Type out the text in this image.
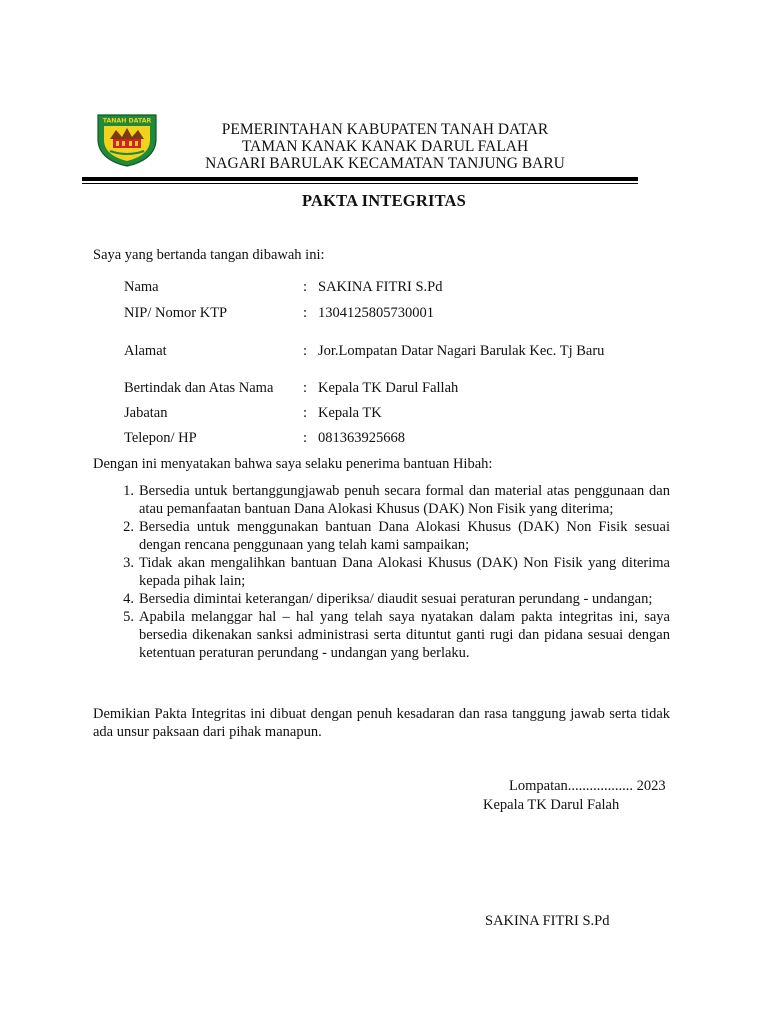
TANAH DATAR	PEMERINTAHAN KABUPATEN TANAH DATAR
TAMAN KANAK KANAK DARUL FALAH
NAGARI BARULAK KECAMATAN TANJUNG BARU
PAKTA INTEGRITAS
Saya yang bertanda tangan dibawah ini:
Nama	: SAKINA FITRI S.Pd
NIP/ Nomor KTP	: 1304125805730001
Alamat	: Jor.Lompatan Datar Nagari Barulak Kec. Tj Baru
Bertindak dan Atas Nama : Kepala TK Darul Fallah
Jabatan	: Kepala TK
Telepon/ HP	: 081363925668
Dengan ini menyatakan bahwa saya selaku penerima bantuan Hibah:
1. Bersedia untuk bertanggungjawab penuh secara formal dan material atas penggunaan dan atau pemanfaatan bantuan Dana Alokasi Khusus (DAK) Non Fisik yang diterima;
2. Bersedia untuk menggunakan bantuan Dana Alokasi Khusus (DAK) Non Fisik sesuai dengan rencana penggunaan yang telah kami sampaikan;
3. Tidak akan mengalihkan bantuan Dana Alokasi Khusus (DAK) Non Fisik yang diterima kepada pihak lain;
4. Bersedia dimintai keterangan/ diperiksa/ diaudit sesuai peraturan perundang - undangan;
5. Apabila melanggar hal – hal yang telah saya nyatakan dalam pakta integritas ini, saya bersedia dikenakan sanksi administrasi serta dituntut ganti rugi dan pidana sesuai dengan ketentuan peraturan perundang - undangan yang berlaku.
Demikian Pakta Integritas ini dibuat dengan penuh kesadaran dan rasa tanggung jawab serta tidak ada unsur paksaan dari pihak manapun.
Lompatan.................. 2023
Kepala TK Darul Falah
SAKINA FITRI S.Pd
